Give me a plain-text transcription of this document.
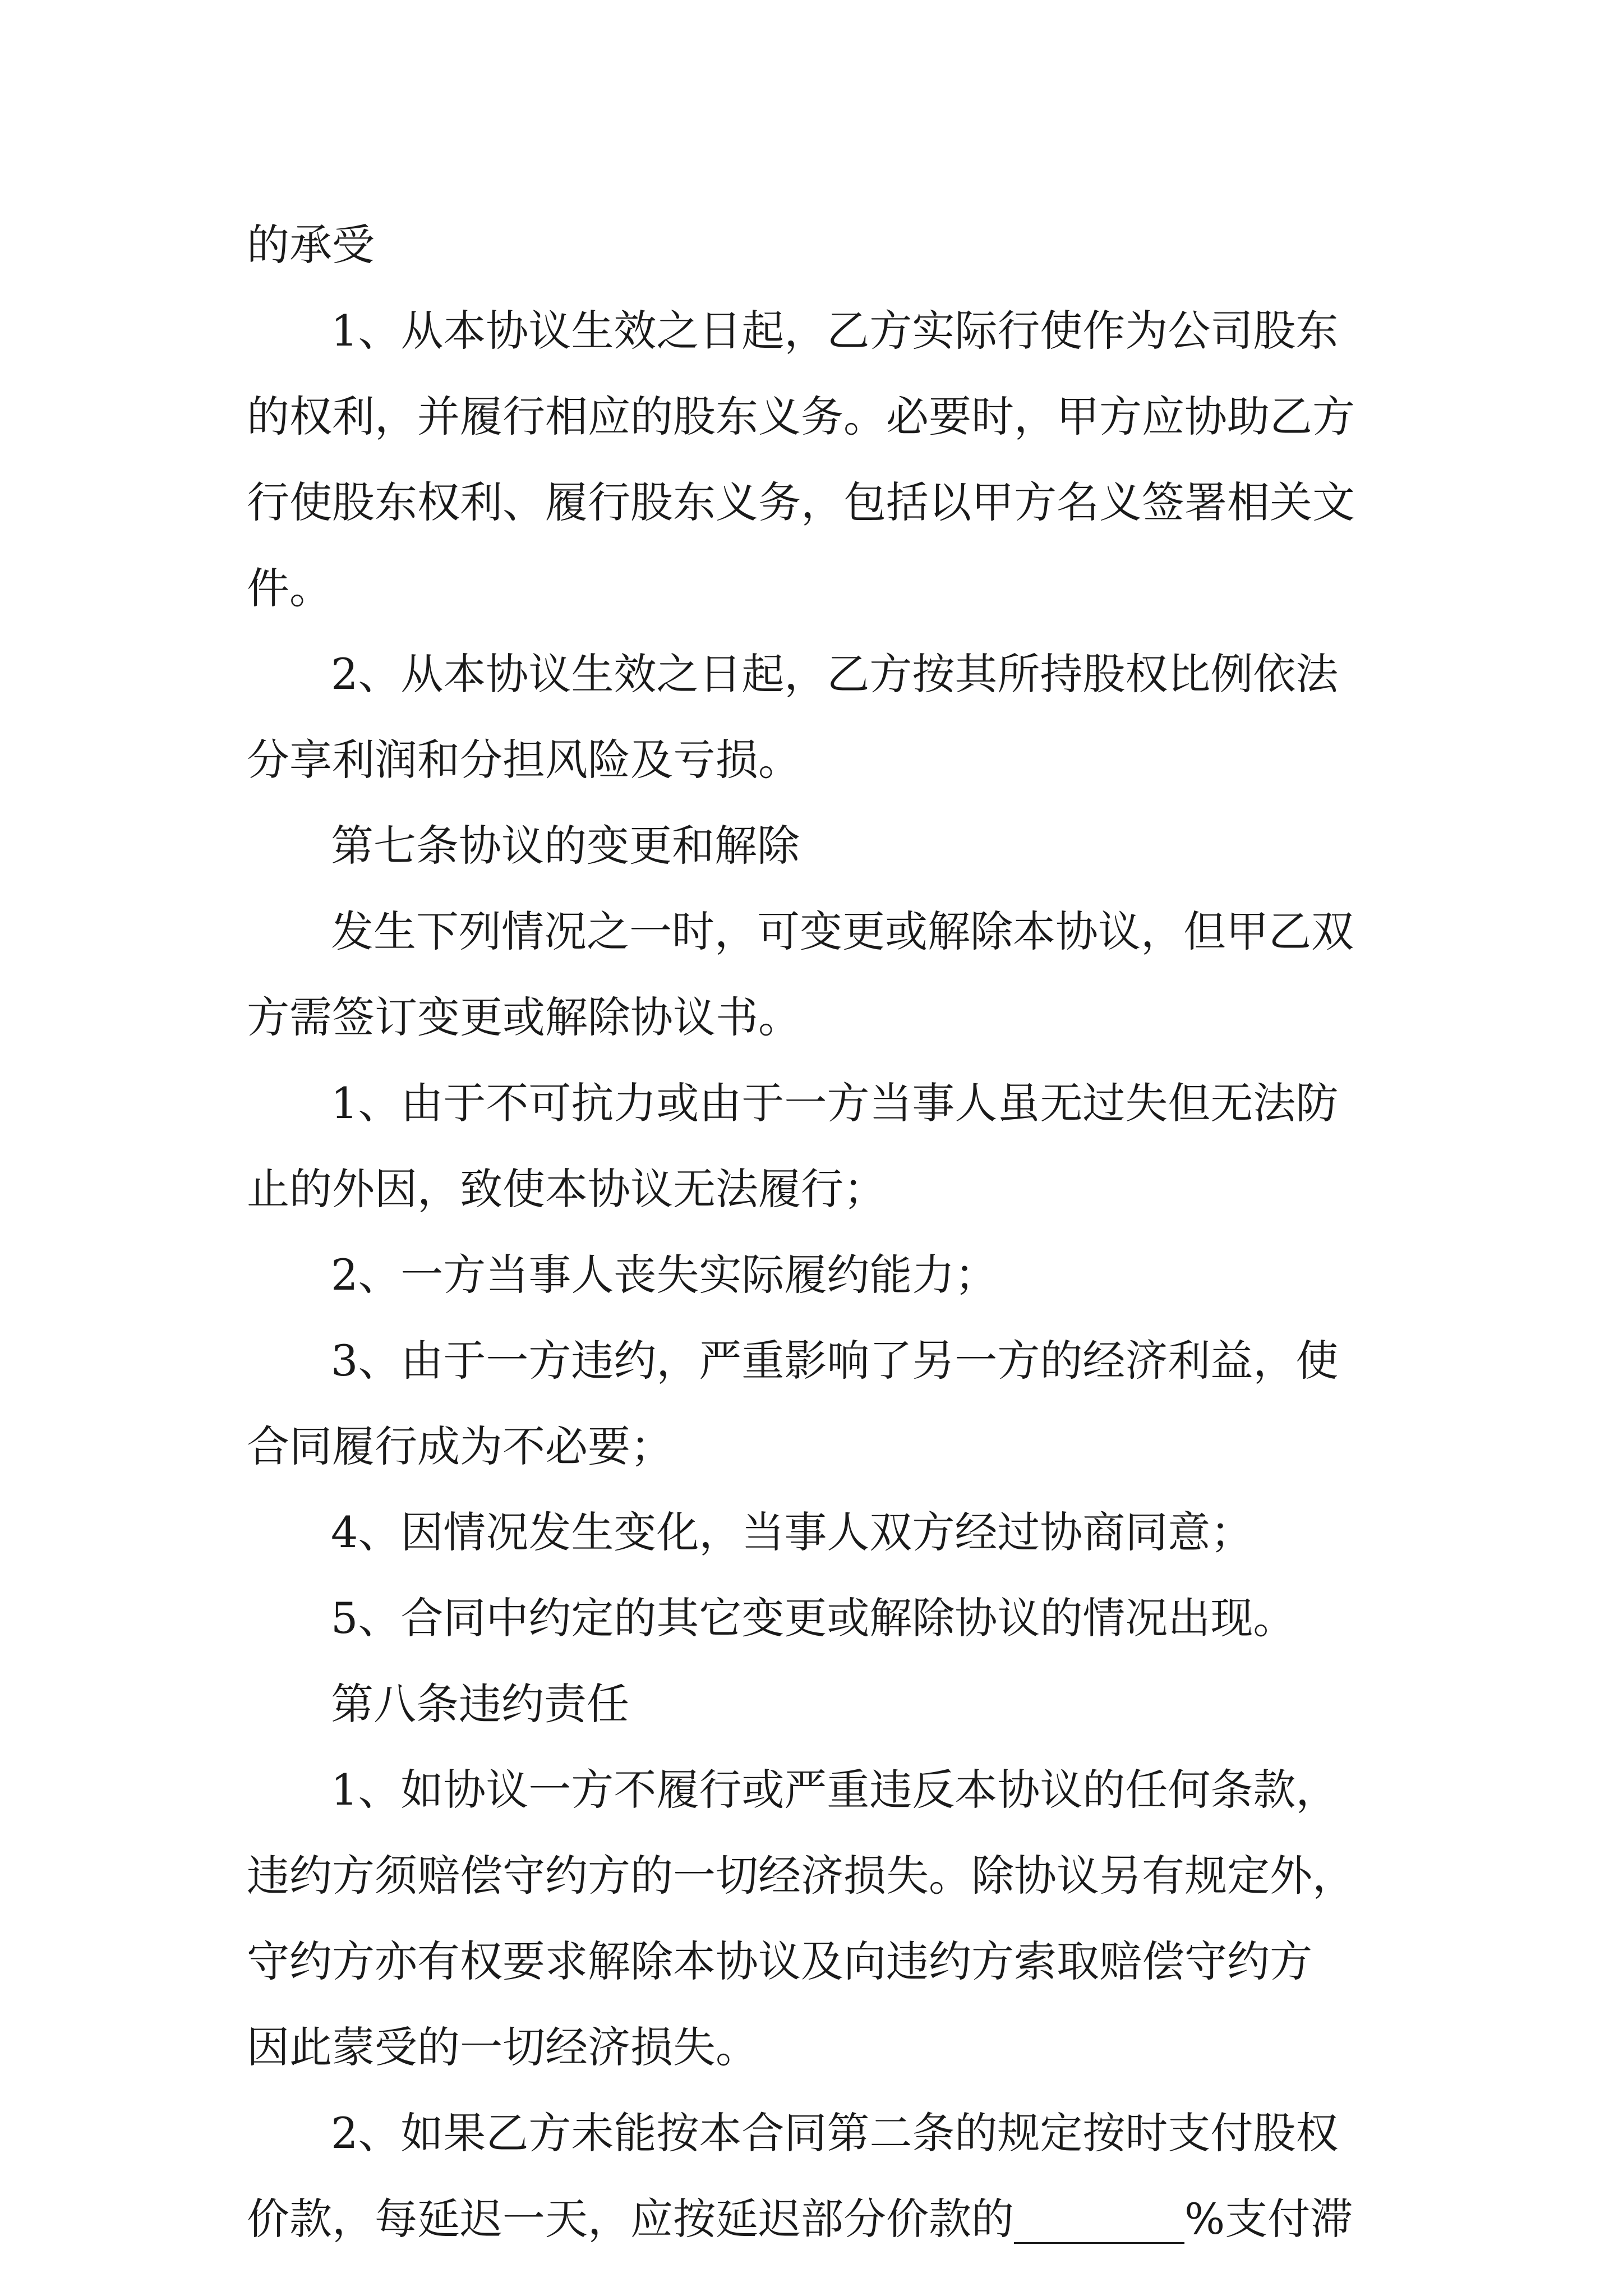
的承受
1、从本协议生效之日起，乙方实际行使作为公司股东
的权利，并履行相应的股东义务。必要时，甲方应协助乙方
行使股东权利、履行股东义务，包括以甲方名义签署相关文
件。
2、从本协议生效之日起，乙方按其所持股权比例依法
分享利润和分担风险及亏损。
第七条协议的变更和解除
发生下列情况之一时，可变更或解除本协议，但甲乙双
方需签订变更或解除协议书。
1、由于不可抗力或由于一方当事人虽无过失但无法防
止的外因，致使本协议无法履行；
2、一方当事人丧失实际履约能力；
3、由于一方违约，严重影响了另一方的经济利益，使
合同履行成为不必要；
4、因情况发生变化，当事人双方经过协商同意；
5、合同中约定的其它变更或解除协议的情况出现。
第八条违约责任
1、如协议一方不履行或严重违反本协议的任何条款，
违约方须赔偿守约方的一切经济损失。除协议另有规定外，
守约方亦有权要求解除本协议及向违约方索取赔偿守约方
因此蒙受的一切经济损失。
2、如果乙方未能按本合同第二条的规定按时支付股权
价款，每延迟一天，应按延迟部分价款的________%支付滞
